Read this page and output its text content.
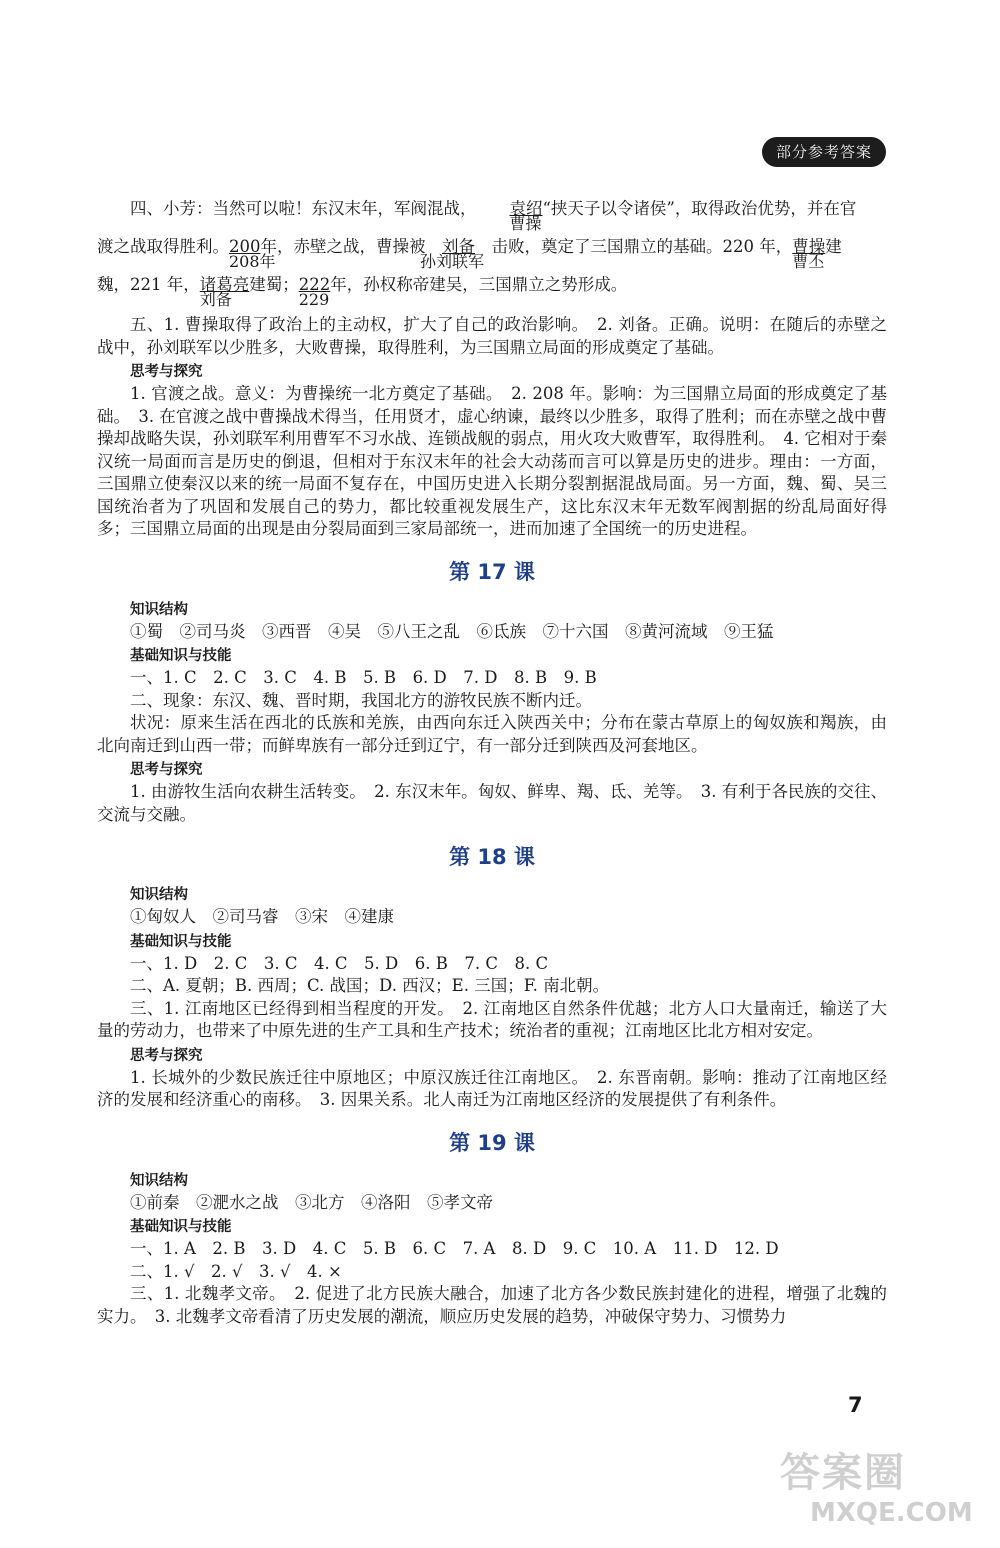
部分参考答案

四、小芳：当然可以啦！东汉末年，军阀混战， 袁绍
曹操
“挟天子以令诸侯”，取得政治优势，并在官

渡之战取得胜利。200
208年
年，赤壁之战，曹操被　 刘备
孙刘联军
　击败，奠定了三国鼎立的基础。220 年，曹操
曹丕
建

魏，221 年，诸葛亮
刘备
建蜀；222
229
年，孙权称帝建吴，三国鼎立之势形成。

五、1. 曹操取得了政治上的主动权，扩大了自己的政治影响。　2. 刘备。正确。说明：在随后的赤壁之战中，孙刘联军以少胜多，大败曹操，取得胜利，为三国鼎立局面的形成奠定了基础。

思考与探究

1. 官渡之战。意义：为曹操统一北方奠定了基础。　2. 208 年。影响：为三国鼎立局面的形成奠定了基础。　3. 在官渡之战中曹操战术得当，任用贤才，虚心纳谏，最终以少胜多，取得了胜利；而在赤壁之战中曹操却战略失误，孙刘联军利用曹军不习水战、连锁战舰的弱点，用火攻大败曹军，取得胜利。　4. 它相对于秦汉统一局面而言是历史的倒退，但相对于东汉末年的社会大动荡而言可以算是历史的进步。理由：一方面，三国鼎立使秦汉以来的统一局面不复存在，中国历史进入长期分裂割据混战局面。另一方面，魏、蜀、吴三国统治者为了巩固和发展自己的势力，都比较重视发展生产，这比东汉末年无数军阀割据的纷乱局面好得多；三国鼎立局面的出现是由分裂局面到三家局部统一，进而加速了全国统一的历史进程。

第 17 课
知识结构

①蜀　②司马炎　③西晋　④吴　⑤八王之乱　⑥氐族　⑦十六国　⑧黄河流域　⑨王猛

基础知识与技能

一、1. C　2. C　3. C　4. B　5. B　6. D　7. D　8. B　9. B

二、现象：东汉、魏、晋时期，我国北方的游牧民族不断内迁。

状况：原来生活在西北的氐族和羌族，由西向东迁入陕西关中；分布在蒙古草原上的匈奴族和羯族，由北向南迁到山西一带；而鲜卑族有一部分迁到辽宁，有一部分迁到陕西及河套地区。

思考与探究

1. 由游牧生活向农耕生活转变。　2. 东汉末年。匈奴、鲜卑、羯、氐、羌等。　3. 有利于各民族的交往、交流与交融。

第 18 课
知识结构

①匈奴人　②司马睿　③宋　④建康

基础知识与技能

一、1. D　2. C　3. C　4. C　5. D　6. B　7. C　8. C

二、A. 夏朝；B. 西周；C. 战国；D. 西汉；E. 三国；F. 南北朝。

三、1. 江南地区已经得到相当程度的开发。　2. 江南地区自然条件优越；北方人口大量南迁，输送了大量的劳动力，也带来了中原先进的生产工具和生产技术；统治者的重视；江南地区比北方相对安定。

思考与探究

1. 长城外的少数民族迁往中原地区；中原汉族迁往江南地区。　2. 东晋南朝。影响：推动了江南地区经济的发展和经济重心的南移。　3. 因果关系。北人南迁为江南地区经济的发展提供了有利条件。

第 19 课
知识结构

①前秦　②淝水之战　③北方　④洛阳　⑤孝文帝

基础知识与技能

一、1. A　2. B　3. D　4. C　5. B　6. C　7. A　8. D　9. C　10. A　11. D　12. D

二、1. √　2. √　3. √　4. ×

三、1. 北魏孝文帝。　2. 促进了北方民族大融合，加速了北方各少数民族封建化的进程，增强了北魏的实力。　3. 北魏孝文帝看清了历史发展的潮流，顺应历史发展的趋势，冲破保守势力、习惯势力

7
答案圈
MXQE.COM
